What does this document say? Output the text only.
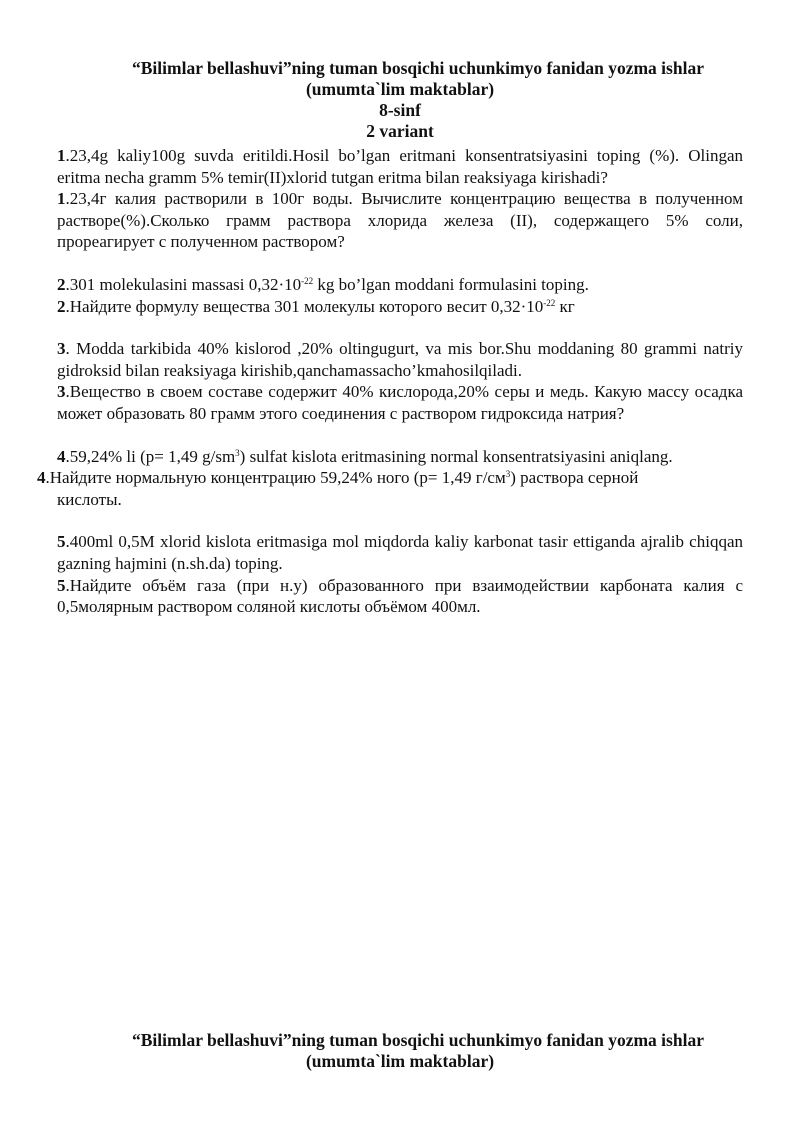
“Bilimlar bellashuvi”ning tuman bosqichi uchunkimyo fanidan yozma ishlar
(umumta`lim maktablar)
8-sinf
2 variant

1.23,4g kaliy100g suvda eritildi.Hosil bo’lgan eritmani konsentratsiyasini toping (%). Olingan eritma necha gramm 5% temir(II)xlorid tutgan eritma bilan reaksiyaga kirishadi?

1.23,4г калия растворили в 100г воды. Вычислите концентрацию вещества в полученном растворе(%).Сколько грамм раствора хлорида железа (II), содержащего 5% соли, прореагирует с полученном раствором?

2.301 molekulasini massasi $0,32\cdot 10^{-22}$ kg bo’lgan moddani formulasini toping.

2.Найдите формулу вещества 301 молекулы которого весит $0,32\cdot 10^{-22}$ кг

3. Modda tarkibida 40% kislorod ,20% oltingugurt, va mis bor.Shu moddaning 80 grammi natriy gidroksid bilan reaksiyaga kirishib,qanchamassacho’kmahosilqiladi.

3.Вещество в своем составе содержит 40% кислорода,20% серы и медь. Какую массу осадка может образовать 80 грамм этого соединения с раствором гидроксида натрия?

4.59,24% li (p= 1,49 $g/sm^3$) sulfat kislota eritmasining normal konsentratsiyasini aniqlang.

4.Найдите нормальную концентрацию 59,24% ного (p= 1,49 $г/см^3$) раствора серной

кислоты.

5.400ml 0,5M xlorid kislota eritmasiga mol miqdorda kaliy karbonat tasir ettiganda ajralib chiqqan gazning hajmini (n.sh.da) toping.

5.Найдите объём газа (при н.у) образованного при взаимодействии карбоната калия с 0,5молярным раствором соляной кислоты объёмом 400мл.

“Bilimlar bellashuvi”ning tuman bosqichi uchunkimyo fanidan yozma ishlar
(umumta`lim maktablar)
